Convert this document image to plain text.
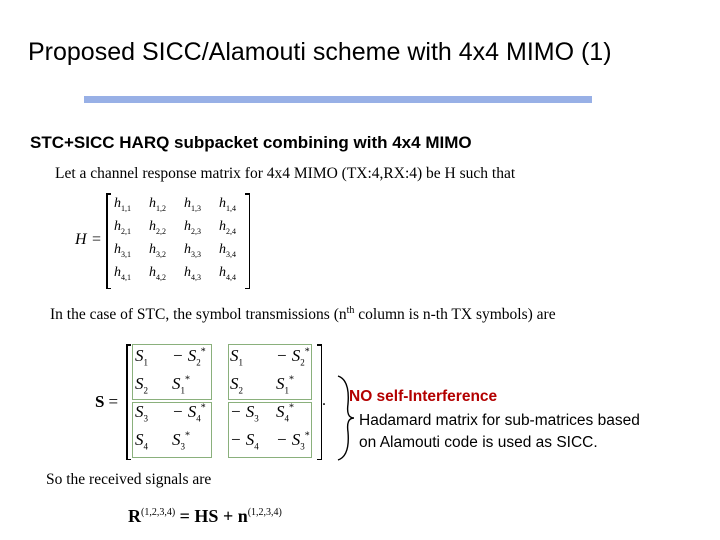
Proposed SICC/Alamouti scheme with 4x4 MIMO (1)
STC+SICC HARQ subpacket combining with 4x4 MIMO
Let a channel response matrix for 4x4 MIMO (TX:4,RX:4) be H such that
H =
$h_{1,1}$ $h_{1,2}$ $h_{1,3}$ $h_{1,4}$
$h_{2,1}$ $h_{2,2}$ $h_{2,3}$ $h_{2,4}$
$h_{3,1}$ $h_{3,2}$ $h_{3,3}$ $h_{3,4}$
$h_{4,1}$ $h_{4,2}$ $h_{4,3}$ $h_{4,4}$
In the case of STC, the symbol transmissions ($n^{th}$ column is n-th TX symbols) are
S =
$S_1 - S_2^*$ $S_1 - S_2^*$
$S_2$ $S_1^*$ $S_2$ $S_1^*$
$S_3 - S_4^* - S_3$ $S_4^*$
$S_4$ $S_3^* - S_4 - S_3^*$
. NO self-Interference
Hadamard matrix for sub-matrices based on Alamouti code is used as SICC.
So the received signals are
R$^{(1,2,3,4)}$ = HS + $n^{(1,2,3,4)}$
